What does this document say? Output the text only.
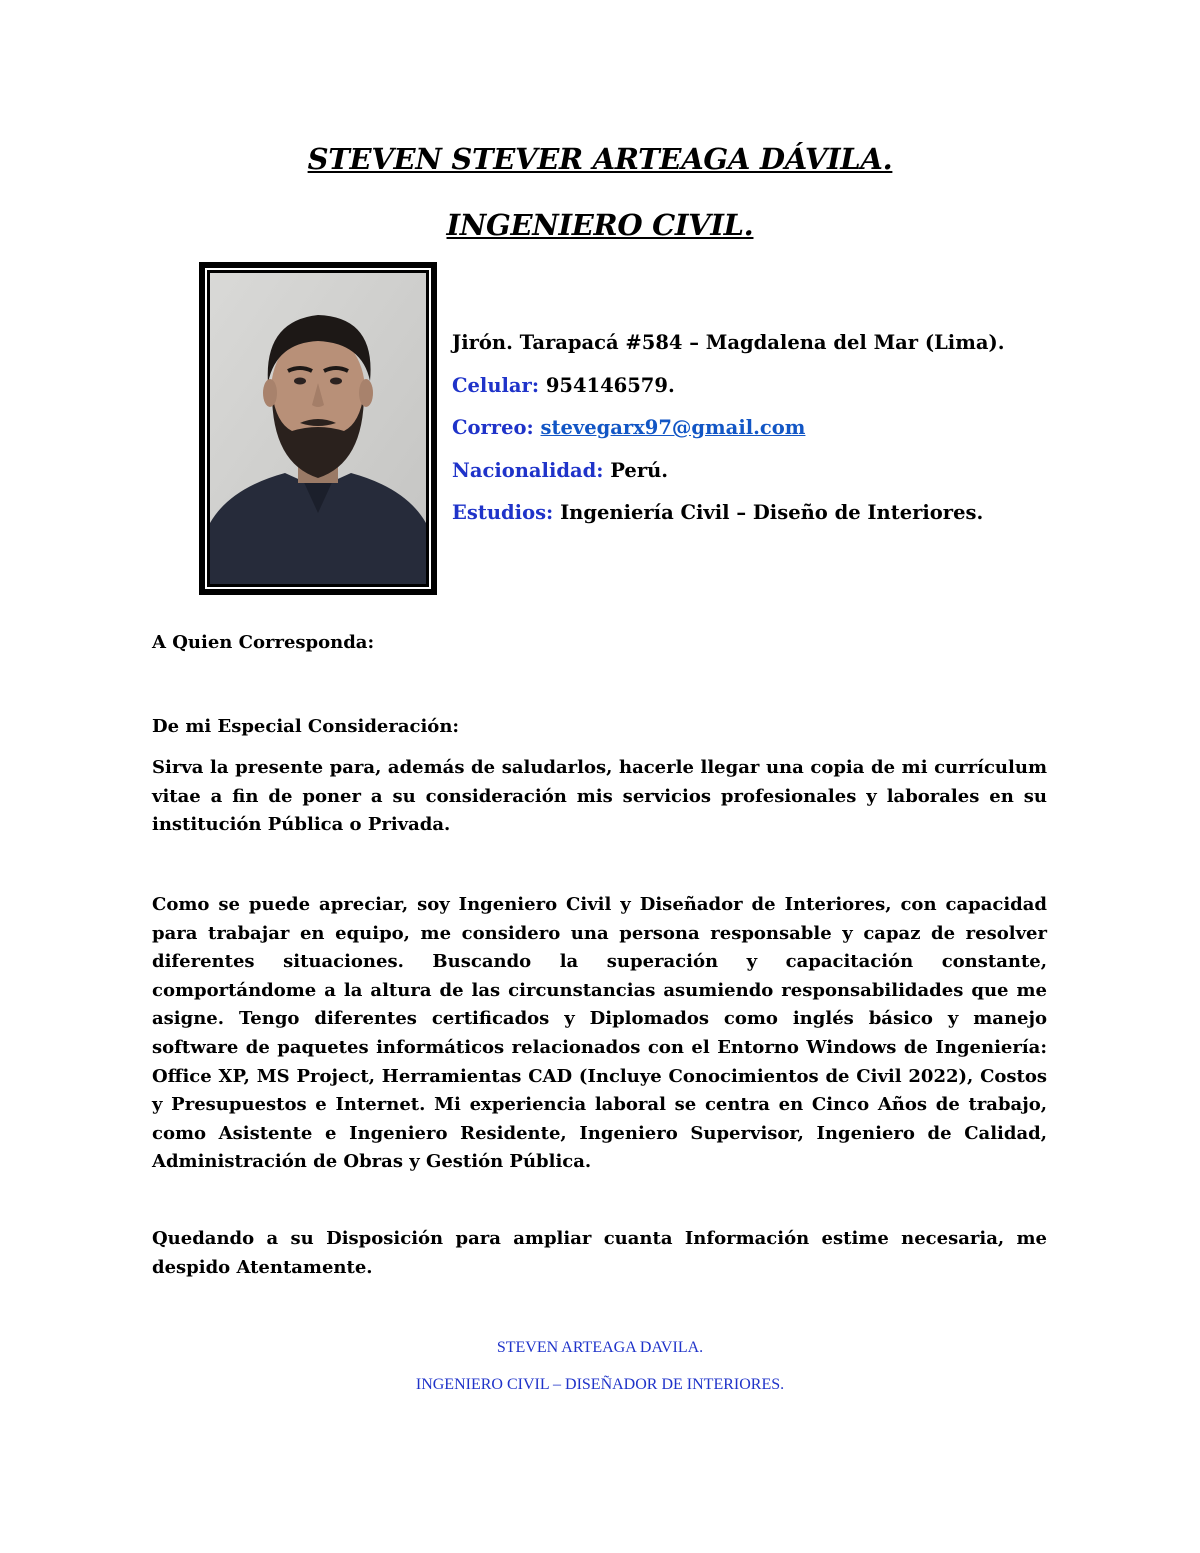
STEVEN STEVER ARTEAGA DÁVILA.
INGENIERO CIVIL.
Jirón. Tarapacá #584 – Magdalena del Mar (Lima).
Celular: 954146579.
Correo: stevegarx97@gmail.com
Nacionalidad: Perú.
Estudios: Ingeniería Civil – Diseño de Interiores.

A Quien Corresponda:

De mi Especial Consideración:

Sirva la presente para, además de saludarlos, hacerle llegar una copia de mi currículum vitae a fin de poner a su consideración mis servicios profesionales y laborales en su institución Pública o Privada.

Como se puede apreciar, soy Ingeniero Civil y Diseñador de Interiores, con capacidad para trabajar en equipo, me considero una persona responsable y capaz de resolver diferentes situaciones. Buscando la superación y capacitación constante, comportándome a la altura de las circunstancias asumiendo responsabilidades que me asigne. Tengo diferentes certificados y Diplomados como inglés básico y manejo software de paquetes informáticos relacionados con el Entorno Windows de Ingeniería: Office XP, MS Project, Herramientas CAD (Incluye Conocimientos de Civil 2022), Costos y Presupuestos e Internet. Mi experiencia laboral se centra en Cinco Años de trabajo, como Asistente e Ingeniero Residente, Ingeniero Supervisor, Ingeniero de Calidad, Administración de Obras y Gestión Pública.

Quedando a su Disposición para ampliar cuanta Información estime necesaria, me despido Atentamente.

STEVEN ARTEAGA DAVILA.

INGENIERO CIVIL – DISEÑADOR DE INTERIORES.
